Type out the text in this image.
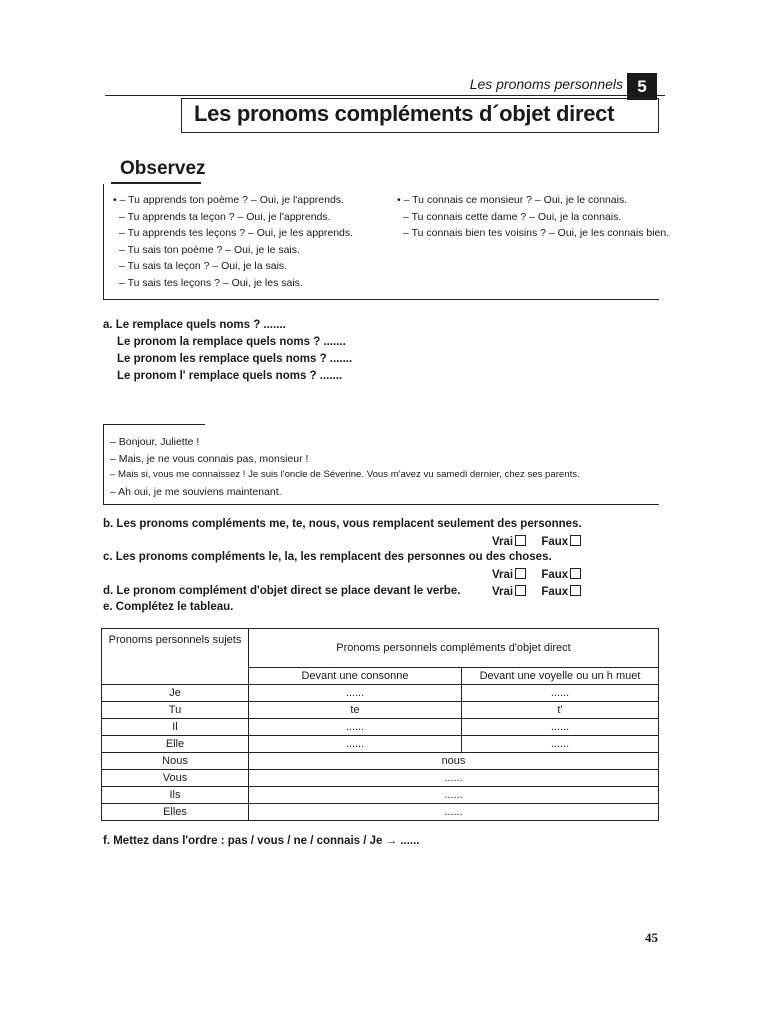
Les pronoms personnels 5
Les pronoms compléments d´objet direct
Observez
• – Tu apprends ton poème ? – Oui, je l'apprends.
– Tu apprends ta leçon ? – Oui, je l'apprends.
– Tu apprends tes leçons ? – Oui, je les apprends.
– Tu sais ton poème ? – Oui, je le sais.
– Tu sais ta leçon ? – Oui, je la sais.
– Tu sais tes leçons ? – Oui, je les sais.
• – Tu connais ce monsieur ? – Oui, je le connais.
– Tu connais cette dame ? – Oui, je la connais.
– Tu connais bien tes voisins ? – Oui, je les connais bien.
a. Le remplace quels noms ? .......
Le pronom la remplace quels noms ? .......
Le pronom les remplace quels noms ? .......
Le pronom l' remplace quels noms ? .......
– Bonjour, Juliette !
– Mais, je ne vous connais pas, monsieur !
– Mais si, vous me connaissez ! Je suis l'oncle de Séverine. Vous m'avez vu samedi dernier, chez ses parents.
– Ah oui, je me souviens maintenant.
b. Les pronoms compléments me, te, nous, vous remplacent seulement des personnes.
Vrai Faux
c. Les pronoms compléments le, la, les remplacent des personnes ou des choses.
Vrai Faux
d. Le pronom complément d'objet direct se place devant le verbe.	Vrai Faux
e. Complétez le tableau.
Pronoms personnels sujets	Pronoms personnels compléments d'objet direct	
	Devant une consonne	Devant une voyelle ou un h muet
Je	......	......
Tu	te	t'
Il	......	......
Elle	......	......
Nous	nous	
Vous	......	
Ils	......	
Elles	......	
f. Mettez dans l'ordre : pas / vous / ne / connais / Je → ......
45
